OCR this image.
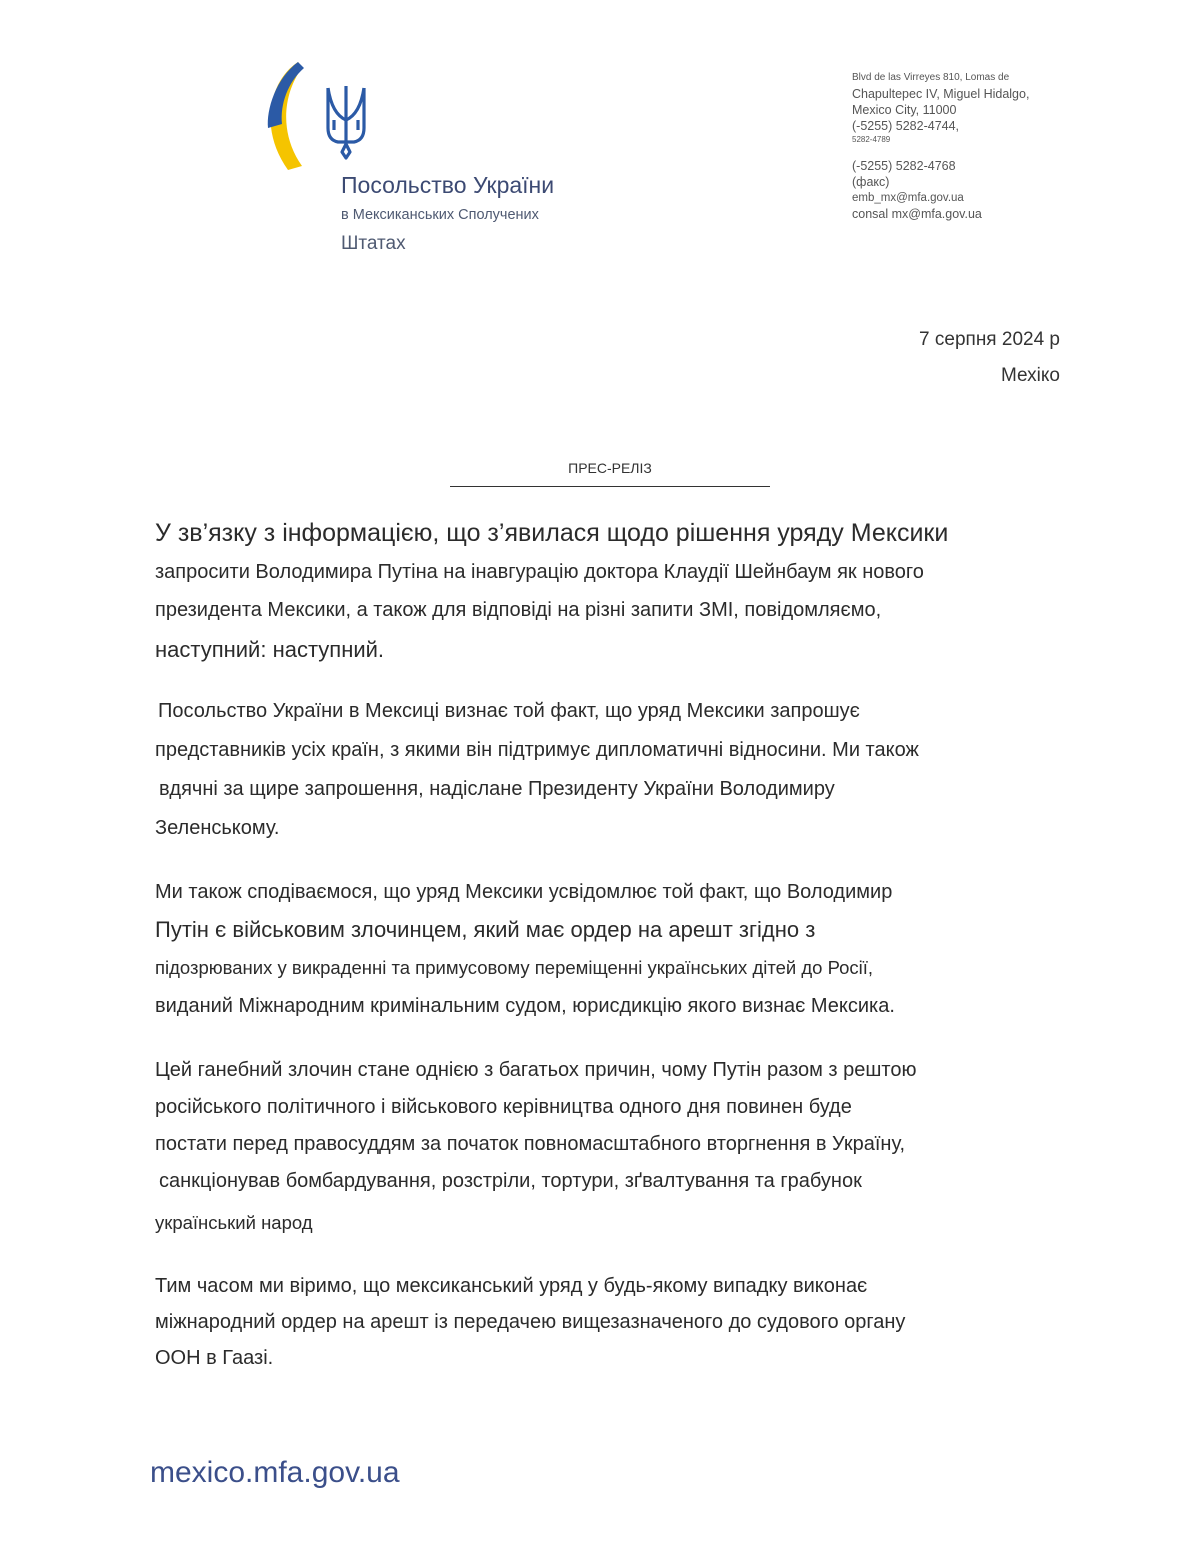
Посольство України
в Мексиканських Сполучених
Штатах
Blvd de las Virreyes 810, Lomas de
Chapultepec IV, Miguel Hidalgo,
Mexico City, 11000
(-5255) 5282-4744,
5282-4789
(-5255) 5282-4768
(факс)
emb_mx@mfa.gov.ua
consal mx@mfa.gov.ua
7 серпня 2024 р
Мехіко
ПРЕС-РЕЛІЗ
У зв’язку з інформацією, що з’явилася щодо рішення уряду Мексики
запросити Володимира Путіна на інавгурацію доктора Клаудії Шейнбаум як нового
президента Мексики, а також для відповіді на різні запити ЗМІ, повідомляємо,
наступний: наступний.
Посольство України в Мексиці визнає той факт, що уряд Мексики запрошує
представників усіх країн, з якими він підтримує дипломатичні відносини. Ми також
вдячні за щире запрошення, надіслане Президенту України Володимиру
Зеленському.
Ми також сподіваємося, що уряд Мексики усвідомлює той факт, що Володимир
Путін є військовим злочинцем, який має ордер на арешт згідно з
підозрюваних у викраденні та примусовому переміщенні українських дітей до Росії,
виданий Міжнародним кримінальним судом, юрисдикцію якого визнає Мексика.
Цей ганебний злочин стане однією з багатьох причин, чому Путін разом з рештою
російського політичного і військового керівництва одного дня повинен буде
постати перед правосуддям за початок повномасштабного вторгнення в Україну,
санкціонував бомбардування, розстріли, тортури, зґвалтування та грабунок
український народ
Тим часом ми віримо, що мексиканський уряд у будь-якому випадку виконає
міжнародний ордер на арешт із передачею вищезазначеного до судового органу
ООН в Гаазі.
mexico.mfa.gov.ua
